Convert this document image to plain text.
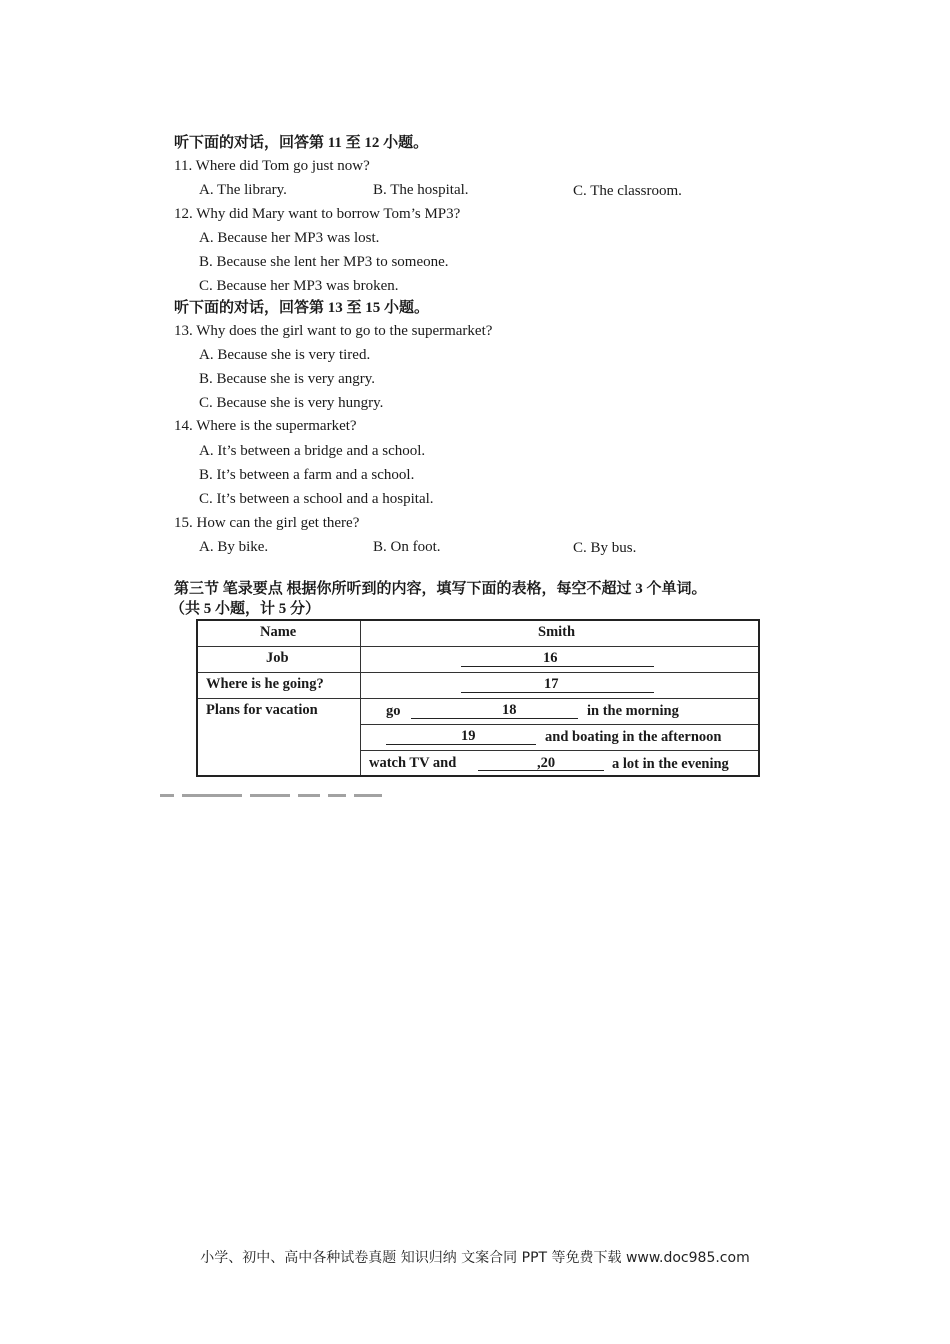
听下面的对话，回答第 11 至 12 小题。
11. Where did Tom go just now?
A. The library.	B. The hospital.	C. The classroom.
12. Why did Mary want to borrow Tom’s MP3?
A. Because her MP3 was lost.
B. Because she lent her MP3 to someone.
C. Because her MP3 was broken.
听下面的对话，回答第 13 至 15 小题。
13. Why does the girl want to go to the supermarket?
A. Because she is very tired.
B. Because she is very angry.
C. Because she is very hungry.
14. Where is the supermarket?
A. It’s between a bridge and a school.
B. It’s between a farm and a school.
C. It’s between a school and a hospital.
15. How can the girl get there?
A. By bike.	B. On foot.	C. By bus.
第三节 笔录要点 根据你所听到的内容，填写下面的表格，每空不超过 3 个单词。
（共 5 小题，计 5 分）
Name	Smith
Job	16
Where is he going?	17
Plans for vacation	go	18	in the morning
19	and boating in the afternoon
watch TV and	,20	a lot in the evening
小学、初中、高中各种试卷真题 知识归纳 文案合同 PPT 等免费下载 www.doc985.com
